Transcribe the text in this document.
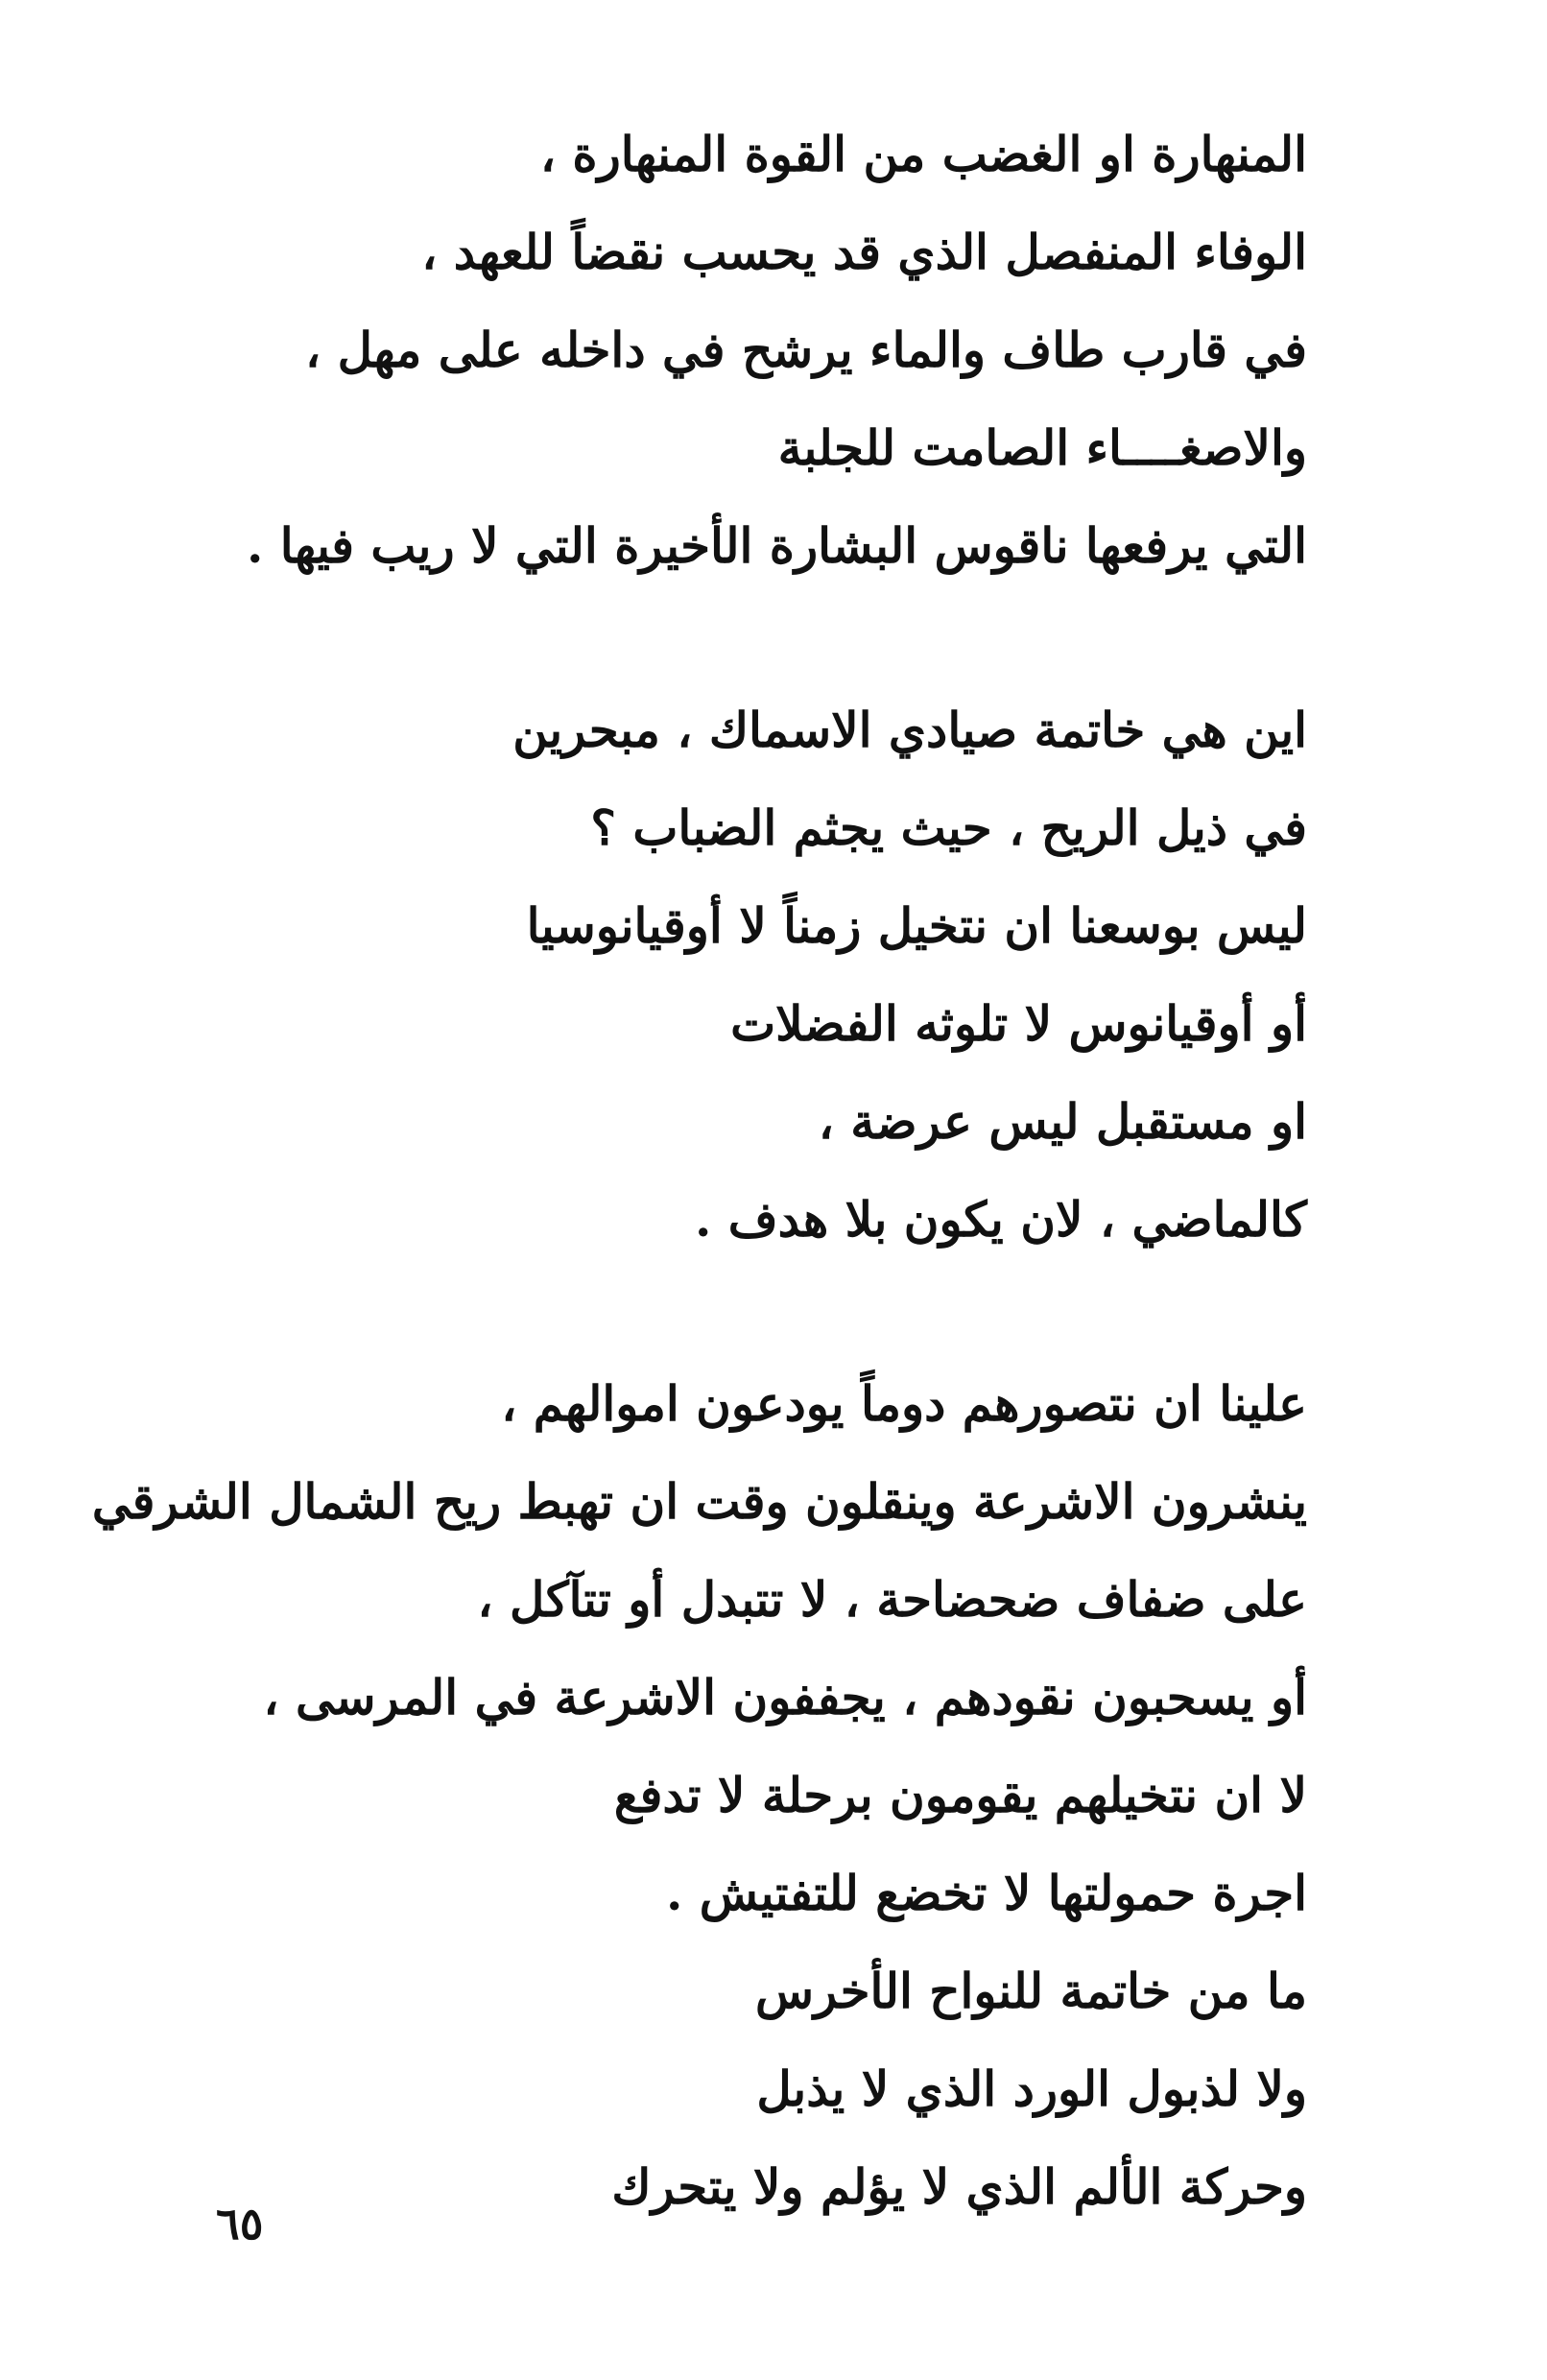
المنهارة او الغضب من القوة المنهارة ،
الوفاء المنفصل الذي قد يحسب نقضاً للعهد ،
في قارب طاف والماء يرشح في داخله على مهل ،
والاصغــــاء الصامت للجلبة
التي يرفعها ناقوس البشارة الأخيرة التي لا ريب فيها .
اين هي خاتمة صيادي الاسماك ، مبحرين
في ذيل الريح ، حيث يجثم الضباب ؟
ليس بوسعنا ان نتخيل زمناً لا أوقيانوسيا
أو أوقيانوس لا تلوثه الفضلات
او مستقبل ليس عرضة ،
كالماضي ، لان يكون بلا هدف .
علينا ان نتصورهم دوماً يودعون اموالهم ،
ينشرون الاشرعة وينقلون وقت ان تهبط ريح الشمال الشرقي
على ضفاف ضحضاحة ، لا تتبدل أو تتآكل ،
أو يسحبون نقودهم ، يجففون الاشرعة في المرسى ،
لا ان نتخيلهم يقومون برحلة لا تدفع
اجرة حمولتها لا تخضع للتفتيش .
ما من خاتمة للنواح الأخرس
ولا لذبول الورد الذي لا يذبل
وحركة الألم الذي لا يؤلم ولا يتحرك
٦٥
